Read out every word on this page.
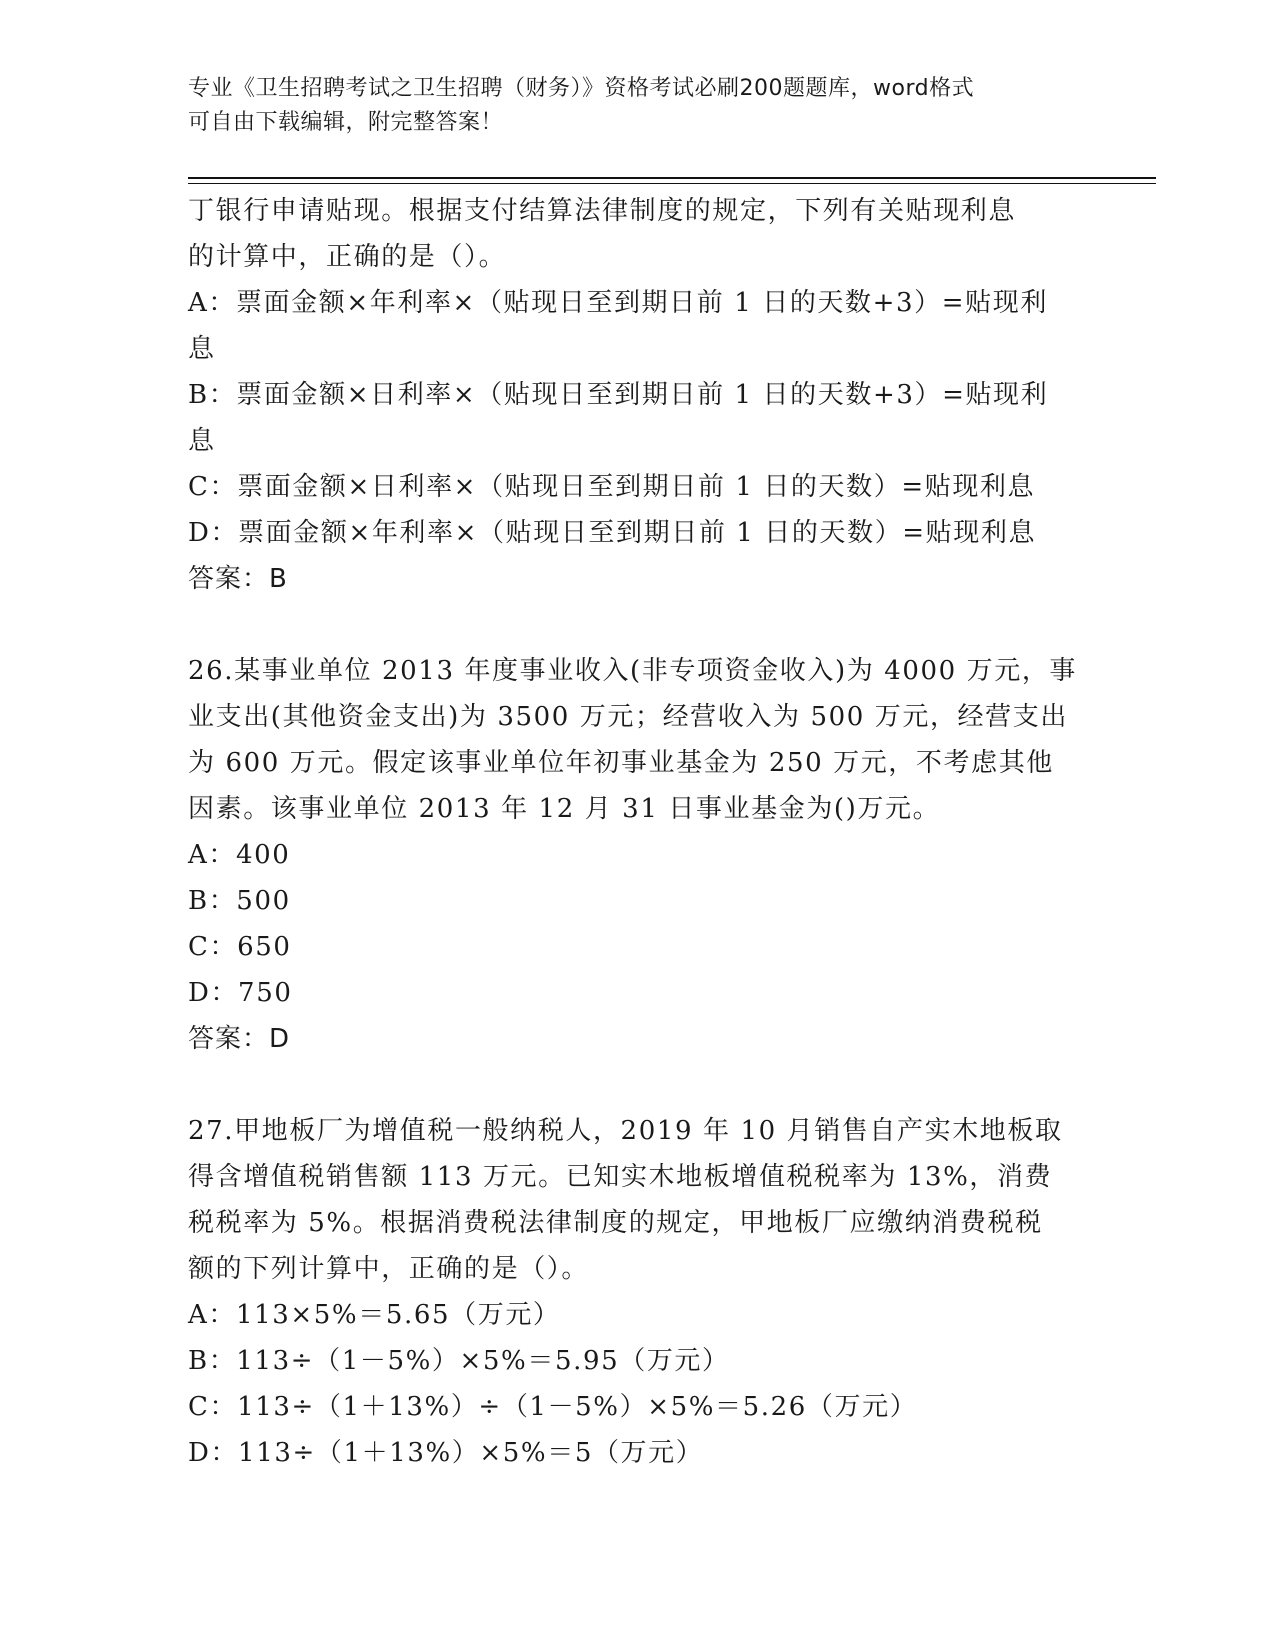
专业《卫生招聘考试之卫生招聘（财务）》资格考试必刷200题题库，word格式
可自由下载编辑，附完整答案！
丁银行申请贴现。根据支付结算法律制度的规定，下列有关贴现利息
的计算中，正确的是（）。
A：票面金额×年利率×（贴现日至到期日前 1 日的天数+3）=贴现利
息
B：票面金额×日利率×（贴现日至到期日前 1 日的天数+3）=贴现利
息
C：票面金额×日利率×（贴现日至到期日前 1 日的天数）=贴现利息
D：票面金额×年利率×（贴现日至到期日前 1 日的天数）=贴现利息
答案：B
26.某事业单位 2013 年度事业收入(非专项资金收入)为 4000 万元，事
业支出(其他资金支出)为 3500 万元；经营收入为 500 万元，经营支出
为 600 万元。假定该事业单位年初事业基金为 250 万元，不考虑其他
因素。该事业单位 2013 年 12 月 31 日事业基金为()万元。
A：400
B：500
C：650
D：750
答案：D
27.甲地板厂为增值税一般纳税人，2019 年 10 月销售自产实木地板取
得含增值税销售额 113 万元。已知实木地板增值税税率为 13%，消费
税税率为 5%。根据消费税法律制度的规定，甲地板厂应缴纳消费税税
额的下列计算中，正确的是（）。
A：113×5%＝5.65（万元）
B：113÷（1－5%）×5%＝5.95（万元）
C：113÷（1＋13%）÷（1－5%）×5%＝5.26（万元）
D：113÷（1＋13%）×5%＝5（万元）
